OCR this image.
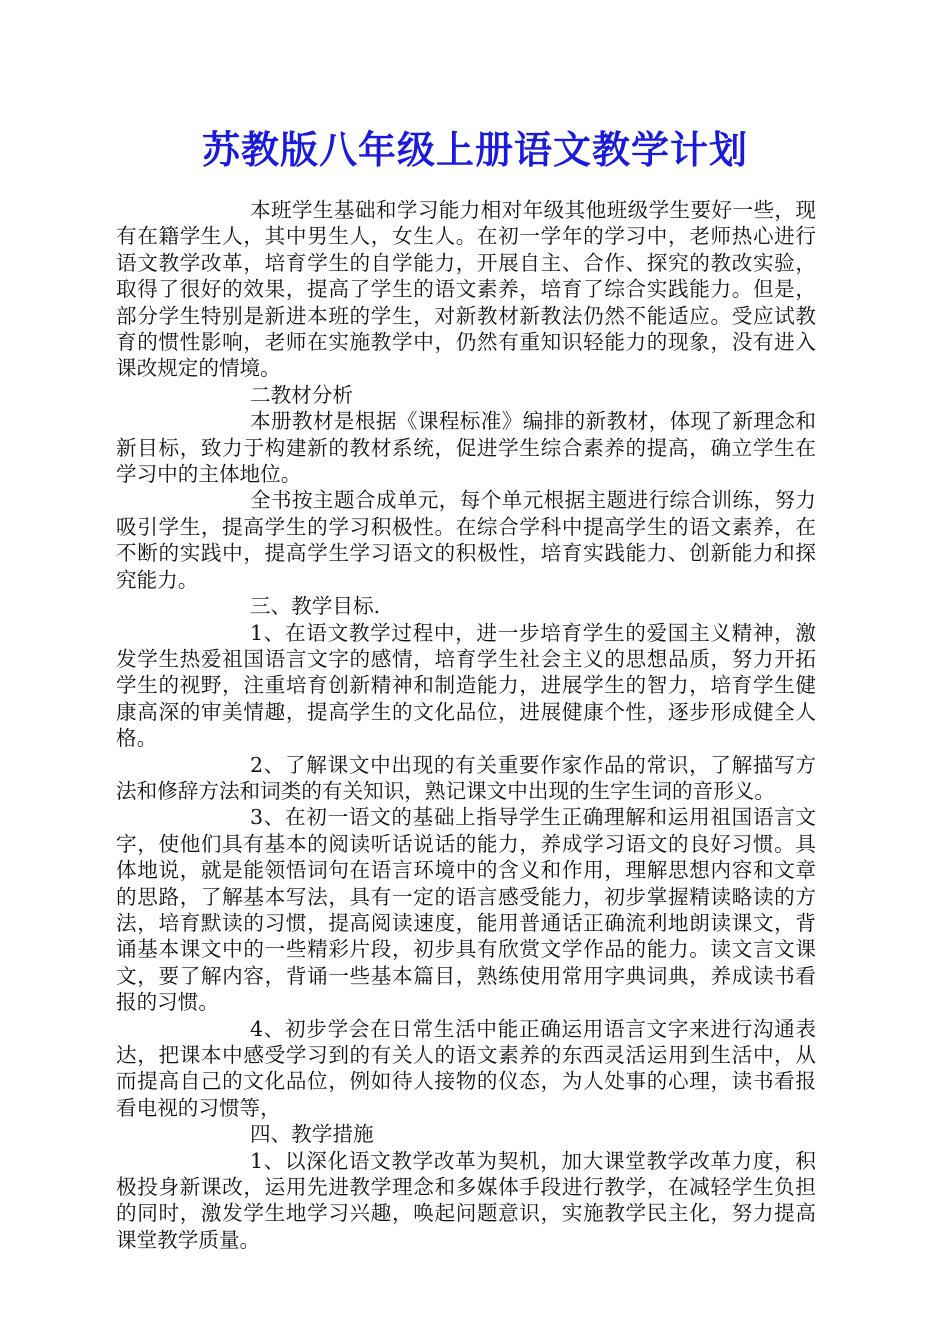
苏教版八年级上册语文教学计划

本班学生基础和学习能力相对年级其他班级学生要好一些，现有在籍学生人，其中男生人，女生人。在初一学年的学习中，老师热心进行语文教学改革，培育学生的自学能力，开展自主、合作、探究的教改实验，取得了很好的效果，提高了学生的语文素养，培育了综合实践能力。但是，部分学生特别是新进本班的学生，对新教材新教法仍然不能适应。受应试教育的惯性影响，老师在实施教学中，仍然有重知识轻能力的现象，没有进入课改规定的情境。

二教材分析

本册教材是根据《课程标准》编排的新教材，体现了新理念和新目标，致力于构建新的教材系统，促进学生综合素养的提高，确立学生在学习中的主体地位。

全书按主题合成单元，每个单元根据主题进行综合训练，努力吸引学生，提高学生的学习积极性。在综合学科中提高学生的语文素养，在不断的实践中，提高学生学习语文的积极性，培育实践能力、创新能力和探究能力。

三、教学目标.

1、在语文教学过程中，进一步培育学生的爱国主义精神，激发学生热爱祖国语言文字的感情，培育学生社会主义的思想品质，努力开拓学生的视野，注重培育创新精神和制造能力，进展学生的智力，培育学生健康高深的审美情趣，提高学生的文化品位，进展健康个性，逐步形成健全人格。

2、了解课文中出现的有关重要作家作品的常识，了解描写方法和修辞方法和词类的有关知识，熟记课文中出现的生字生词的音形义。

3、在初一语文的基础上指导学生正确理解和运用祖国语言文字，使他们具有基本的阅读听话说话的能力，养成学习语文的良好习惯。具体地说，就是能领悟词句在语言环境中的含义和作用，理解思想内容和文章的思路，了解基本写法，具有一定的语言感受能力，初步掌握精读略读的方法，培育默读的习惯，提高阅读速度，能用普通话正确流利地朗读课文，背诵基本课文中的一些精彩片段，初步具有欣赏文学作品的能力。读文言文课文，要了解内容，背诵一些基本篇目，熟练使用常用字典词典，养成读书看报的习惯。

4、初步学会在日常生活中能正确运用语言文字来进行沟通表达，把课本中感受学习到的有关人的语文素养的东西灵活运用到生活中，从而提高自己的文化品位，例如待人接物的仪态，为人处事的心理，读书看报看电视的习惯等，

四、教学措施

1、以深化语文教学改革为契机，加大课堂教学改革力度，积极投身新课改，运用先进教学理念和多媒体手段进行教学，在减轻学生负担的同时，激发学生地学习兴趣，唤起问题意识，实施教学民主化，努力提高课堂教学质量。
